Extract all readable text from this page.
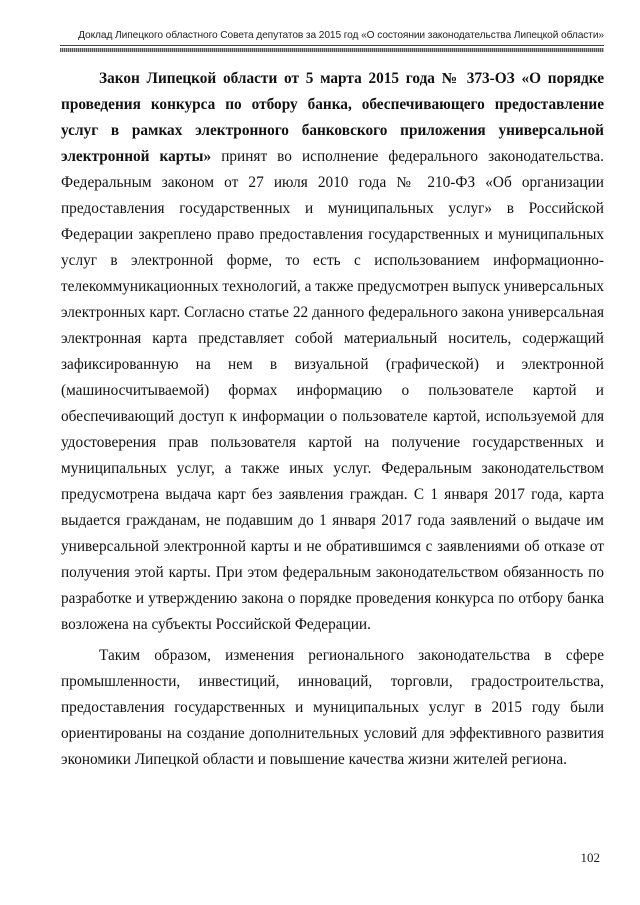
Доклад Липецкого областного Совета депутатов за 2015 год «О состоянии законодательства Липецкой области»

Закон Липецкой области от 5 марта 2015 года № 373-ОЗ «О порядке проведения конкурса по отбору банка, обеспечивающего предоставление услуг в рамках электронного банковского приложения универсальной электронной карты» принят во исполнение федерального законодательства. Федеральным законом от 27 июля 2010 года № 210-ФЗ «Об организации предоставления государственных и муниципальных услуг» в Российской Федерации закреплено право предоставления государственных и муниципальных услуг в электронной форме, то есть с использованием информационно-телекоммуникационных технологий, а также предусмотрен выпуск универсальных электронных карт. Согласно статье 22 данного федерального закона универсальная электронная карта представляет собой материальный носитель, содержащий зафиксированную на нем в визуальной (графической) и электронной (машиносчитываемой) формах информацию о пользователе картой и обеспечивающий доступ к информации о пользователе картой, используемой для удостоверения прав пользователя картой на получение государственных и муниципальных услуг, а также иных услуг. Федеральным законодательством предусмотрена выдача карт без заявления граждан. С 1 января 2017 года, карта выдается гражданам, не подавшим до 1 января 2017 года заявлений о выдаче им универсальной электронной карты и не обратившимся с заявлениями об отказе от получения этой карты. При этом федеральным законодательством обязанность по разработке и утверждению закона о порядке проведения конкурса по отбору банка возложена на субъекты Российской Федерации.

Таким образом, изменения регионального законодательства в сфере промышленности, инвестиций, инноваций, торговли, градостроительства, предоставления государственных и муниципальных услуг в 2015 году были ориентированы на создание дополнительных условий для эффективного развития экономики Липецкой области и повышение качества жизни жителей региона.

102
